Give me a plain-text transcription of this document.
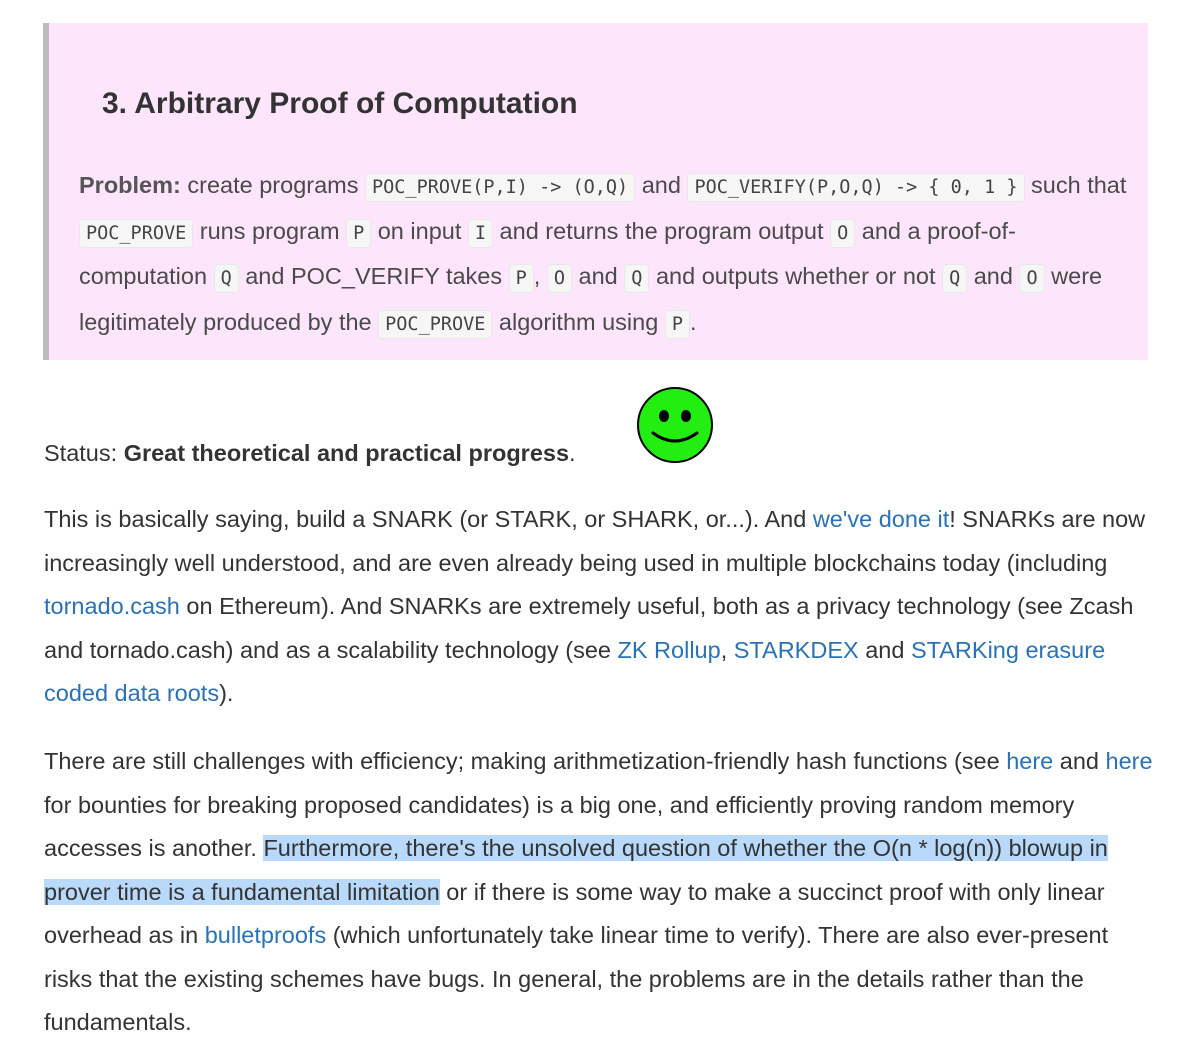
3. Arbitrary Proof of Computation

Problem: create programs POC_PROVE(P,I) -> (O,Q) and POC_VERIFY(P,O,Q) -> { 0, 1 } such that POC_PROVE runs program P on input I and returns the program output O and a proof-of-computation Q and POC_VERIFY takes P , O and Q and outputs whether or not Q and O were legitimately produced by the POC_PROVE algorithm using P .

Status: Great theoretical and practical progress.

This is basically saying, build a SNARK (or STARK, or SHARK, or...). And we've done it! SNARKs are now increasingly well understood, and are even already being used in multiple blockchains today (including tornado.cash on Ethereum). And SNARKs are extremely useful, both as a privacy technology (see Zcash and tornado.cash) and as a scalability technology (see ZK Rollup, STARKDEX and STARKing erasure coded data roots).

There are still challenges with efficiency; making arithmetization-friendly hash functions (see here and here for bounties for breaking proposed candidates) is a big one, and efficiently proving random memory accesses is another. Furthermore, there's the unsolved question of whether the O(n * log(n)) blowup in prover time is a fundamental limitation or if there is some way to make a succinct proof with only linear overhead as in bulletproofs (which unfortunately take linear time to verify). There are also ever-present risks that the existing schemes have bugs. In general, the problems are in the details rather than the fundamentals.
